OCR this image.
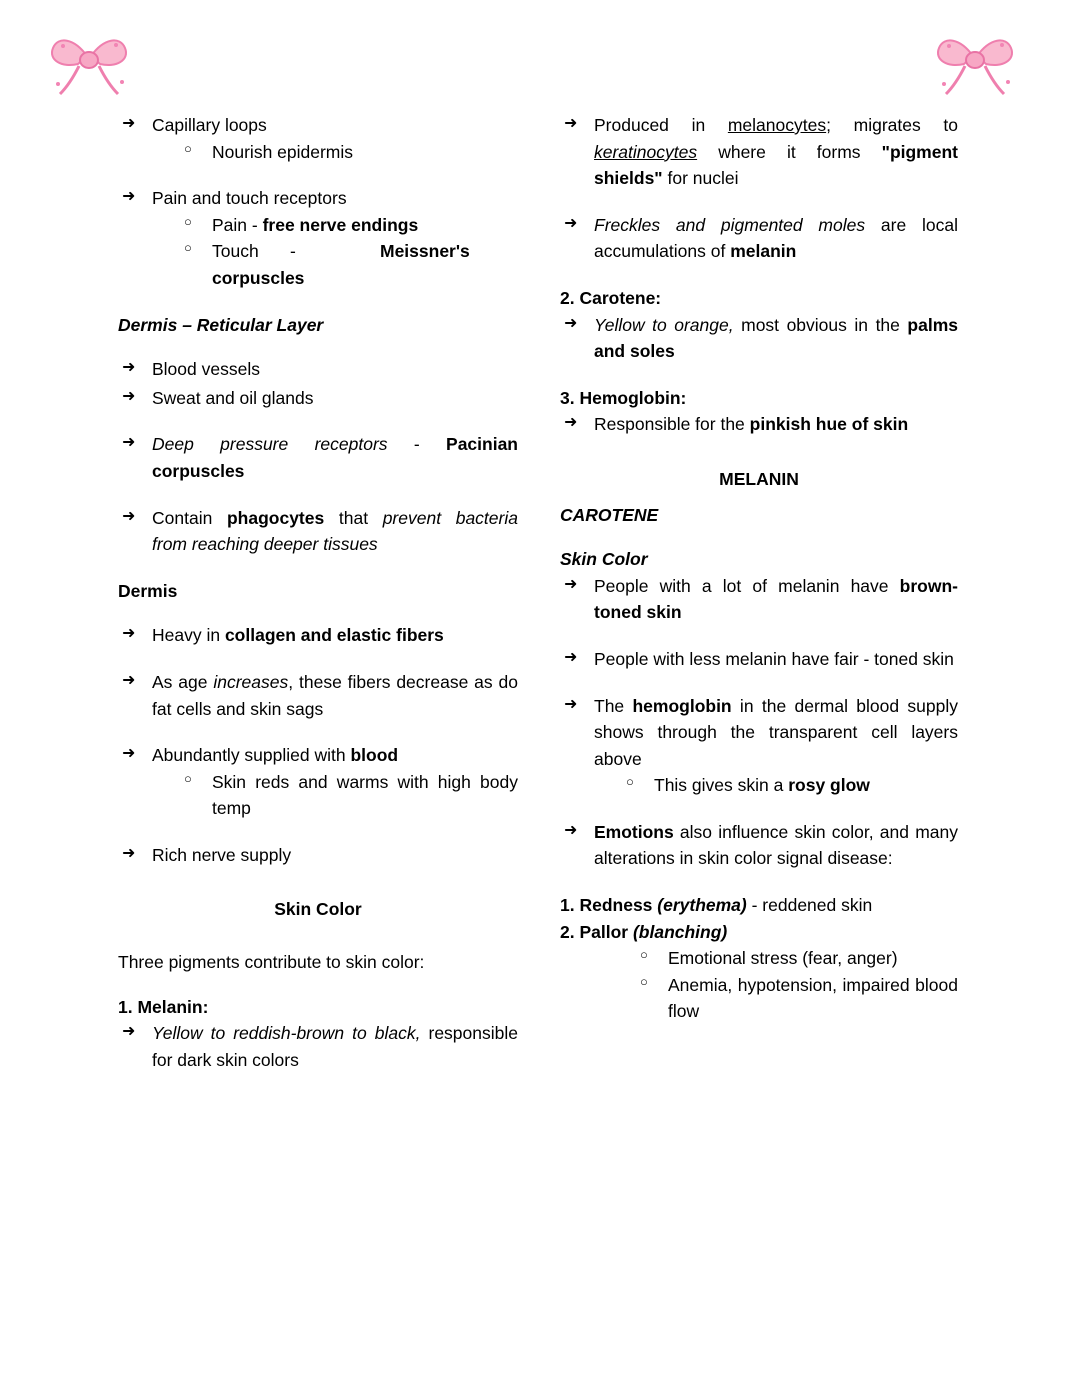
➜ Capillary loops
○ Nourish epidermis
➜ Pain and touch receptors
○ Pain - free nerve endings
○ Touch -	Meissner's corpuscles
Dermis – Reticular Layer
➜ Blood vessels
➜ Sweat and oil glands
➜ Deep pressure receptors - Pacinian corpuscles
➜ Contain phagocytes that prevent bacteria from reaching deeper tissues
Dermis
➜ Heavy in collagen and elastic fibers
➜ As age increases, these fibers decrease as do fat cells and skin sags
➜ Abundantly supplied with blood
○ Skin reds and warms with high body temp
➜ Rich nerve supply
Skin Color

Three pigments contribute to skin color:

1. Melanin:
➜ Yellow to reddish-brown to black, responsible for dark skin colors
➜ Produced in melanocytes; migrates to keratinocytes where it forms "pigment shields" for nuclei
➜ Freckles and pigmented moles are local accumulations of melanin
2. Carotene:
➜ Yellow to orange, most obvious in the palms and soles
3. Hemoglobin:
➜ Responsible for the pinkish hue of skin
MELANIN
CAROTENE
Skin Color
➜ People with a lot of melanin have brown-toned skin
➜ People with less melanin have fair - toned skin
➜ The hemoglobin in the dermal blood supply shows through the transparent cell layers above
○ This gives skin a rosy glow
➜ Emotions also influence skin color, and many alterations in skin color signal disease:
1. Redness (erythema) - reddened skin
2. Pallor (blanching)
○ Emotional stress (fear, anger)
○ Anemia, hypotension, impaired blood flow
